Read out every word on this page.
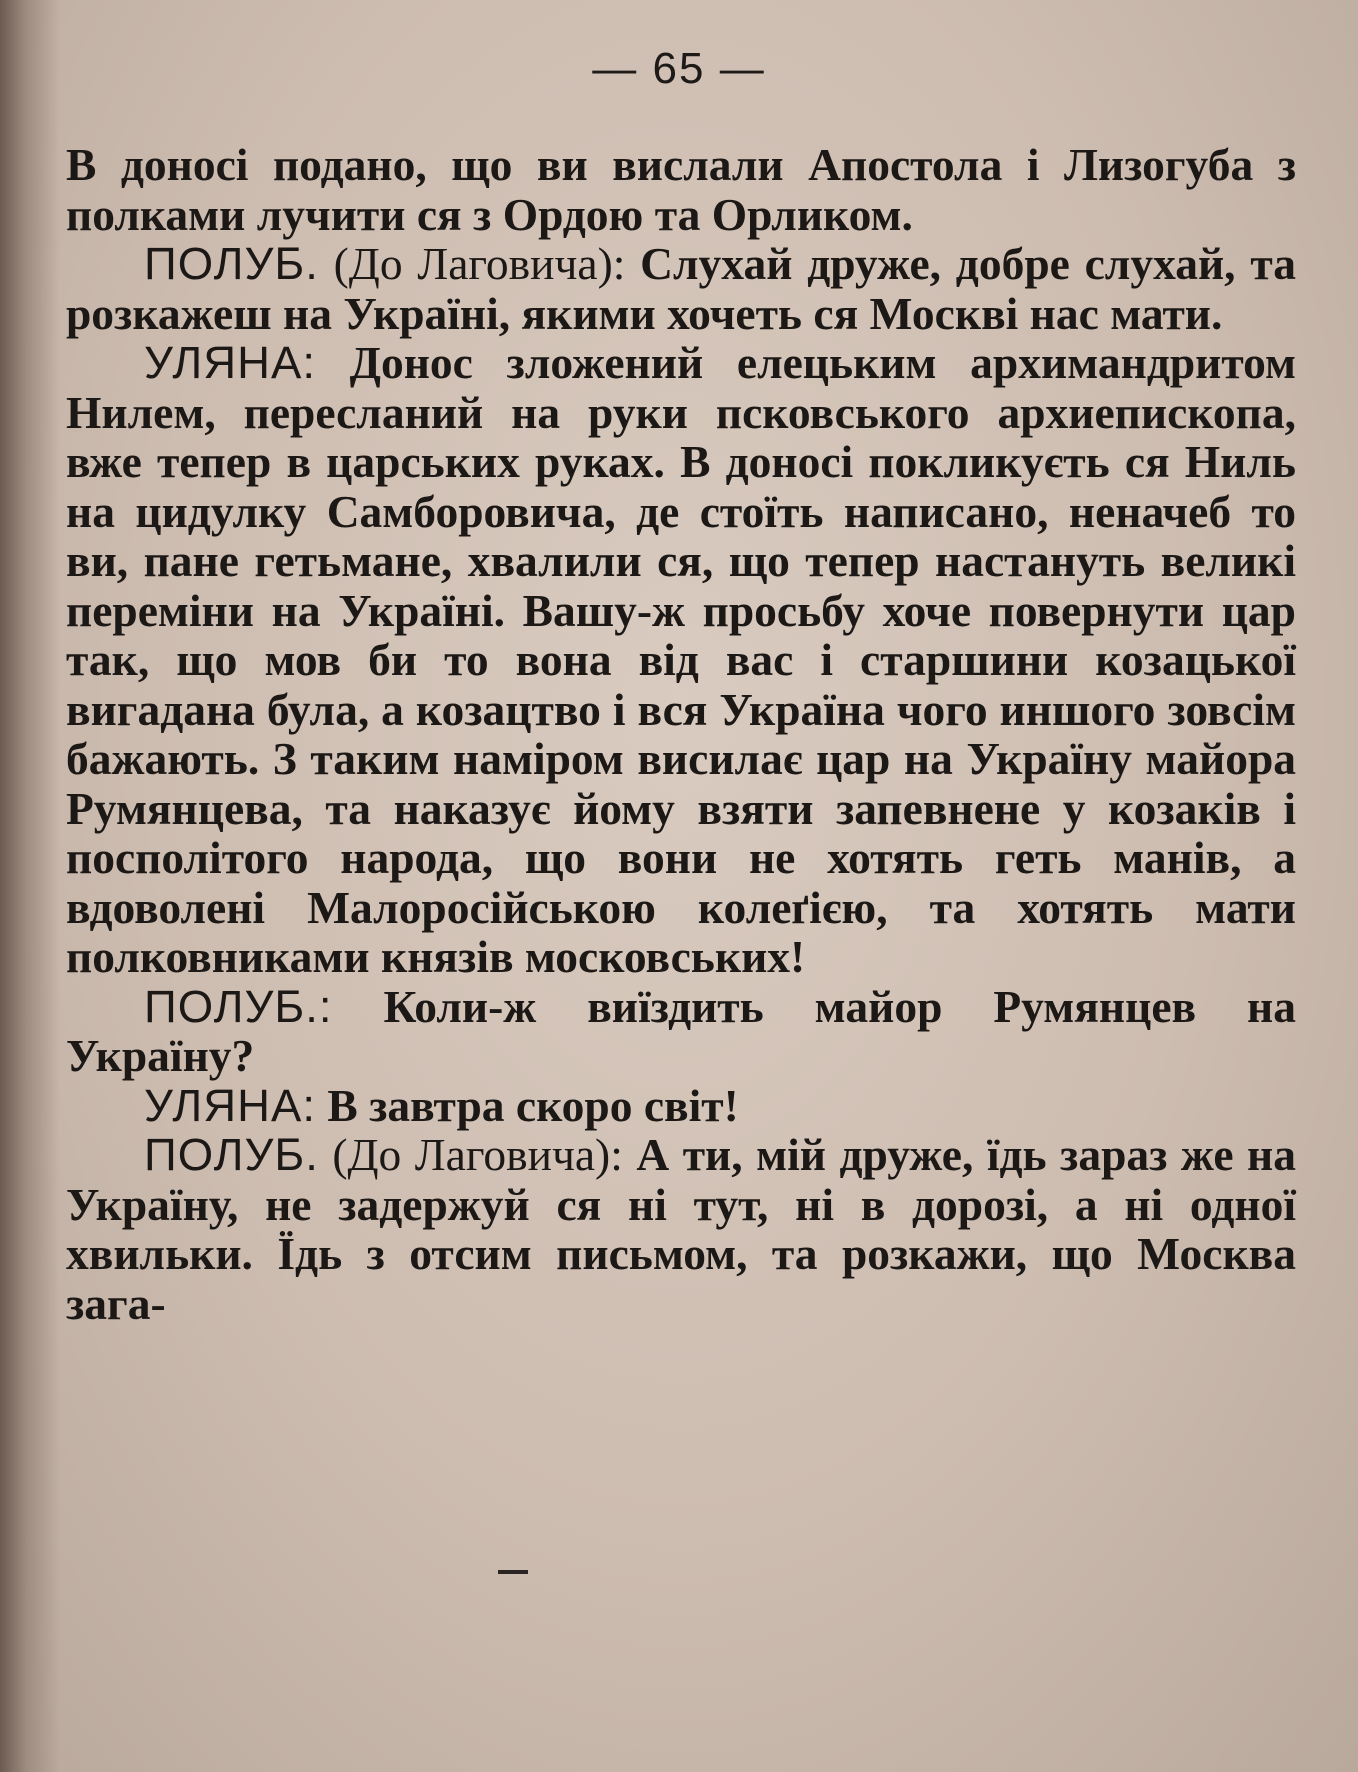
— 65 —

В доносі подано, що ви вислали Апостола і Лизогуба з полками лучити ся з Ордою та Орликом.

ПОЛУБ. (До Лаговича): Слухай друже, добре слухай, та розкажеш на Україні, якими хочеть ся Москві нас мати.

УЛЯНА: Донос зложений елецьким архимандритом Нилем, пересланий на руки псковського архиепископа, вже тепер в царських руках. В доносі покликуєть ся Ниль на цидулку Самборовича, де стоїть написано, неначеб то ви, пане гетьмане, хвалили ся, що тепер настануть великі переміни на Україні. Вашу-ж просьбу хоче повернути цар так, що мов би то вона від вас і старшини козацької вигадана була, а козацтво і вся Україна чого иншого зовсім бажають. З таким наміром висилає цар на Україну майора Румянцева, та наказує йому взяти запевнене у козаків і посполітого народа, що вони не хотять геть манів, а вдоволені Малоросійською колеґією, та хотять мати полковниками князів московських!

ПОЛУБ.: Коли-ж виїздить майор Румянцев на Україну?

УЛЯНА: В завтра скоро світ!

ПОЛУБ. (До Лаговича): А ти, мій друже, їдь зараз же на Україну, не задержуй ся ні тут, ні в дорозі, а ні одної хвильки. Їдь з отсим письмом, та розкажи, що Москва зага-
